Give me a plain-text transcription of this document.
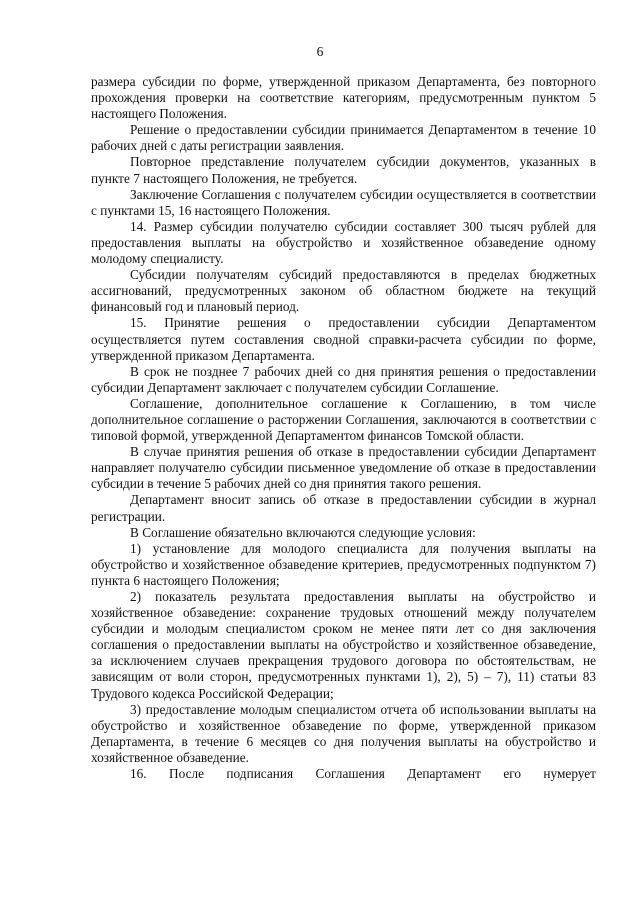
6

размера субсидии по форме, утвержденной приказом Департамента, без повторного прохождения проверки на соответствие категориям, предусмотренным пунктом 5 настоящего Положения.

Решение о предоставлении субсидии принимается Департаментом в течение 10 рабочих дней с даты регистрации заявления.

Повторное представление получателем субсидии документов, указанных в пункте 7 настоящего Положения, не требуется.

Заключение Соглашения с получателем субсидии осуществляется в соответствии с пунктами 15, 16 настоящего Положения.

14. Размер субсидии получателю субсидии составляет 300 тысяч рублей для предоставления выплаты на обустройство и хозяйственное обзаведение одному молодому специалисту.

Субсидии получателям субсидий предоставляются в пределах бюджетных ассигнований, предусмотренных законом об областном бюджете на текущий финансовый год и плановый период.

15. Принятие решения о предоставлении субсидии Департаментом осуществляется путем составления сводной справки-расчета субсидии по форме, утвержденной приказом Департамента.

В срок не позднее 7 рабочих дней со дня принятия решения о предоставлении субсидии Департамент заключает с получателем субсидии Соглашение.

Соглашение, дополнительное соглашение к Соглашению, в том числе дополнительное соглашение о расторжении Соглашения, заключаются в соответствии с типовой формой, утвержденной Департаментом финансов Томской области.

В случае принятия решения об отказе в предоставлении субсидии Департамент направляет получателю субсидии письменное уведомление об отказе в предоставлении субсидии в течение 5 рабочих дней со дня принятия такого решения.

Департамент вносит запись об отказе в предоставлении субсидии в журнал регистрации.

В Соглашение обязательно включаются следующие условия:

1) установление для молодого специалиста для получения выплаты на обустройство и хозяйственное обзаведение критериев, предусмотренных подпунктом 7) пункта 6 настоящего Положения;

2) показатель результата предоставления выплаты на обустройство и хозяйственное обзаведение: сохранение трудовых отношений между получателем субсидии и молодым специалистом сроком не менее пяти лет со дня заключения соглашения о предоставлении выплаты на обустройство и хозяйственное обзаведение, за исключением случаев прекращения трудового договора по обстоятельствам, не зависящим от воли сторон, предусмотренных пунктами 1), 2), 5) – 7), 11) статьи 83 Трудового кодекса Российской Федерации;

3) предоставление молодым специалистом отчета об использовании выплаты на обустройство и хозяйственное обзаведение по форме, утвержденной приказом Департамента, в течение 6 месяцев со дня получения выплаты на обустройство и хозяйственное обзаведение.

16. После подписания Соглашения Департамент его нумерует
